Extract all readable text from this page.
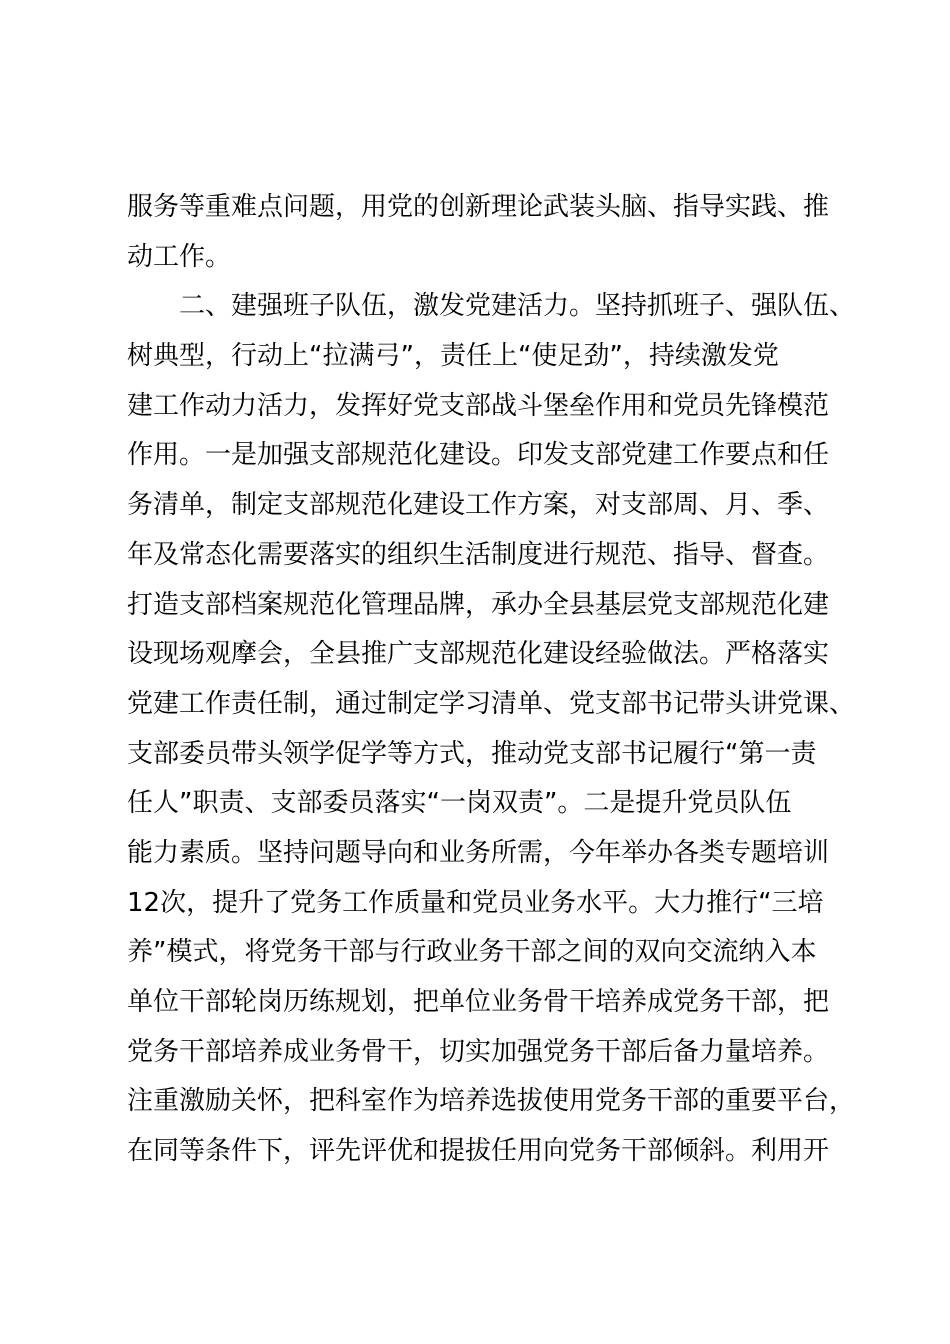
服务等重难点问题，用党的创新理论武装头脑、指导实践、推
动工作。
二、建强班子队伍，激发党建活力。坚持抓班子、强队伍、
树典型，行动上“拉满弓”，责任上“使足劲”，持续激发党
建工作动力活力，发挥好党支部战斗堡垒作用和党员先锋模范
作用。一是加强支部规范化建设。印发支部党建工作要点和任
务清单，制定支部规范化建设工作方案，对支部周、月、季、
年及常态化需要落实的组织生活制度进行规范、指导、督查。
打造支部档案规范化管理品牌，承办全县基层党支部规范化建
设现场观摩会，全县推广支部规范化建设经验做法。严格落实
党建工作责任制，通过制定学习清单、党支部书记带头讲党课、
支部委员带头领学促学等方式，推动党支部书记履行“第一责
任人”职责、支部委员落实“一岗双责”。二是提升党员队伍
能力素质。坚持问题导向和业务所需，今年举办各类专题培训
12次，提升了党务工作质量和党员业务水平。大力推行“三培
养”模式，将党务干部与行政业务干部之间的双向交流纳入本
单位干部轮岗历练规划，把单位业务骨干培养成党务干部，把
党务干部培养成业务骨干，切实加强党务干部后备力量培养。
注重激励关怀，把科室作为培养选拔使用党务干部的重要平台，
在同等条件下，评先评优和提拔任用向党务干部倾斜。利用开
